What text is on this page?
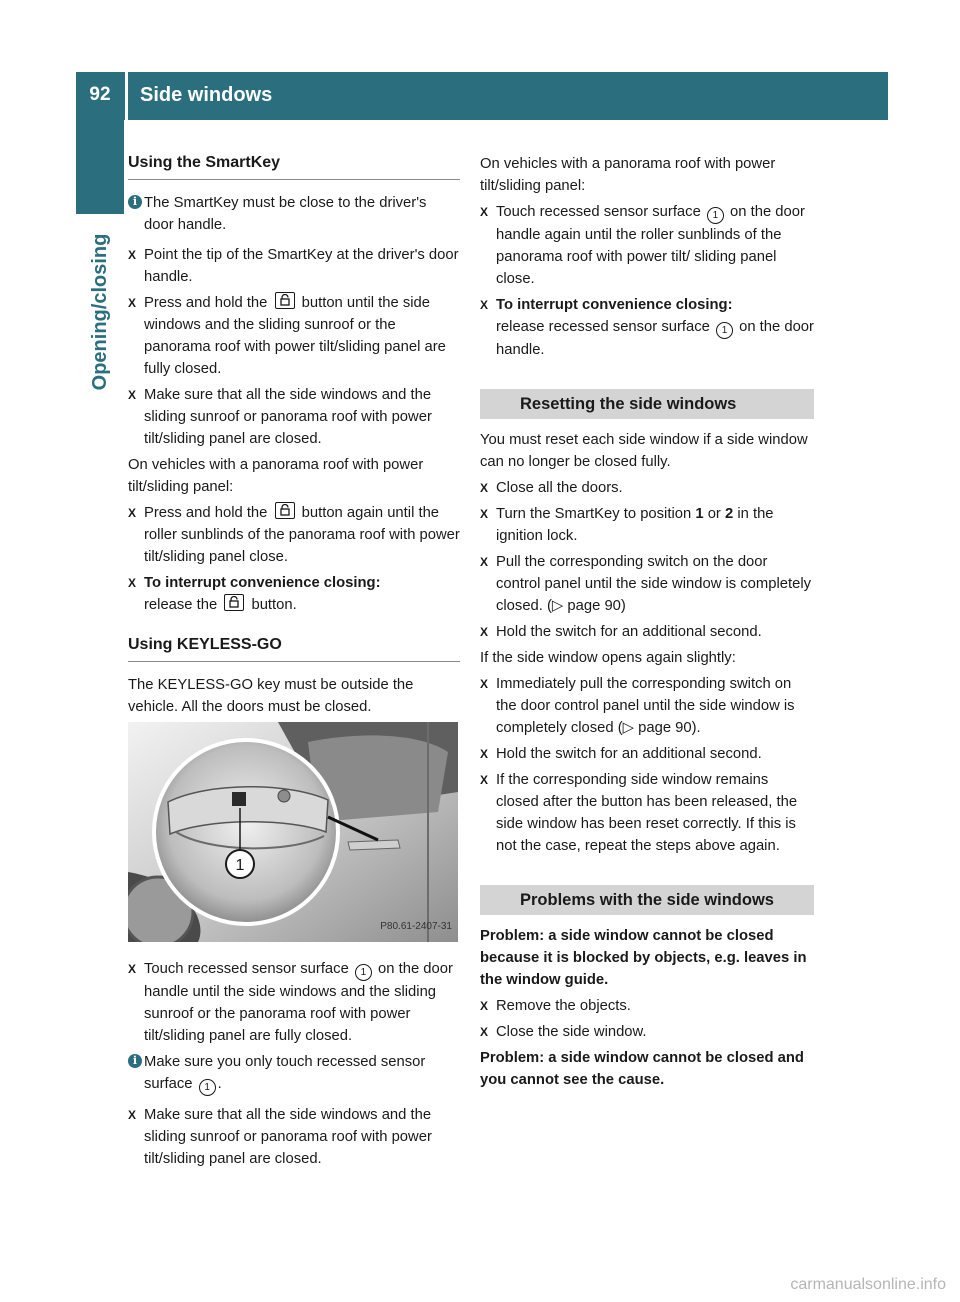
92	Side windows
Opening/closing
Using the SmartKey
i The SmartKey must be close to the driver's door handle.
X Point the tip of the SmartKey at the driver's door handle.
X Press and hold the button until the side windows and the sliding sunroof or the panorama roof with power tilt/sliding panel are fully closed.
X Make sure that all the side windows and the sliding sunroof or panorama roof with power tilt/sliding panel are closed.
On vehicles with a panorama roof with power tilt/sliding panel:
X Press and hold the button again until the roller sunblinds of the panorama roof with power tilt/sliding panel close.
X To interrupt convenience closing:
release the button.
Using KEYLESS-GO
The KEYLESS-GO key must be outside the vehicle. All the doors must be closed.
1
P80.61-2407-31
X Touch recessed sensor surface 1 on the door handle until the side windows and the sliding sunroof or the panorama roof with power tilt/sliding panel are fully closed.
i Make sure you only touch recessed sensor surface 1 .
X Make sure that all the side windows and the sliding sunroof or panorama roof with power tilt/sliding panel are closed.
On vehicles with a panorama roof with power tilt/sliding panel:
X Touch recessed sensor surface 1 on the door handle again until the roller sunblinds of the panorama roof with power tilt/ sliding panel close.
X To interrupt convenience closing:
release recessed sensor surface 1 on the door handle.
Resetting the side windows
You must reset each side window if a side window can no longer be closed fully.
X Close all the doors.
X Turn the SmartKey to position 1 or 2 in the ignition lock.
X Pull the corresponding switch on the door control panel until the side window is completely closed. (▷ page 90)
X Hold the switch for an additional second.
If the side window opens again slightly:
X Immediately pull the corresponding switch on the door control panel until the side window is completely closed (▷ page 90).
X Hold the switch for an additional second.
X If the corresponding side window remains closed after the button has been released, the side window has been reset correctly. If this is not the case, repeat the steps above again.
Problems with the side windows
Problem: a side window cannot be closed because it is blocked by objects, e.g. leaves in the window guide.
X Remove the objects.
X Close the side window.
Problem: a side window cannot be closed and you cannot see the cause.
carmanualsonline.info
